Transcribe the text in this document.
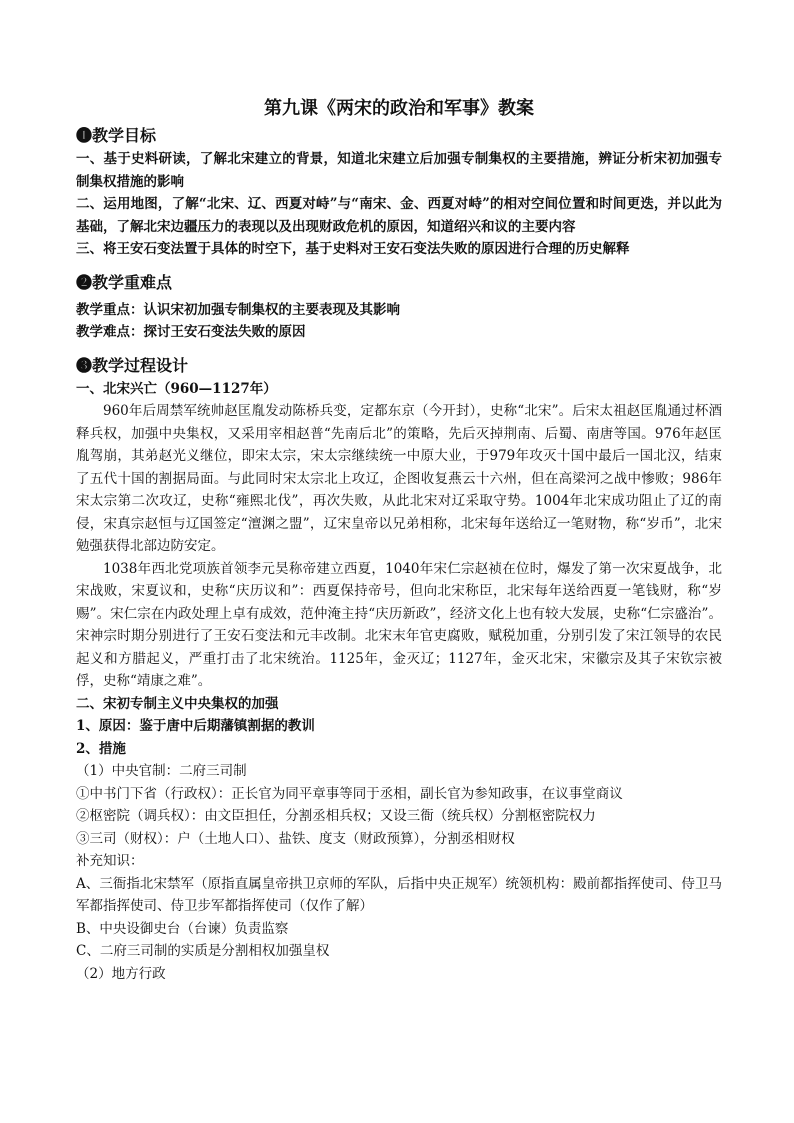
第九课《两宋的政治和军事》教案
❶教学目标

一、基于史料研读，了解北宋建立的背景，知道北宋建立后加强专制集权的主要措施，辨证分析宋初加强专制集权措施的影响

二、运用地图，了解“北宋、辽、西夏对峙”与“南宋、金、西夏对峙”的相对空间位置和时间更迭，并以此为基础，了解北宋边疆压力的表现以及出现财政危机的原因，知道绍兴和议的主要内容

三、将王安石变法置于具体的时空下，基于史料对王安石变法失败的原因进行合理的历史解释

❷教学重难点

教学重点：认识宋初加强专制集权的主要表现及其影响

教学难点：探讨王安石变法失败的原因

❸教学过程设计

一、北宋兴亡（960—1127年）

960年后周禁军统帅赵匡胤发动陈桥兵变，定都东京（今开封），史称“北宋”。后宋太祖赵匡胤通过杯酒释兵权，加强中央集权，又采用宰相赵普“先南后北”的策略，先后灭掉荆南、后蜀、南唐等国。976年赵匡胤驾崩，其弟赵光义继位，即宋太宗，宋太宗继续统一中原大业，于979年攻灭十国中最后一国北汉，结束了五代十国的割据局面。与此同时宋太宗北上攻辽，企图收复燕云十六州，但在高梁河之战中惨败；986年宋太宗第二次攻辽，史称“雍熙北伐”，再次失败，从此北宋对辽采取守势。1004年北宋成功阻止了辽的南侵，宋真宗赵恒与辽国签定“澶渊之盟”，辽宋皇帝以兄弟相称，北宋每年送给辽一笔财物，称“岁币”，北宋勉强获得北部边防安定。

1038年西北党项族首领李元昊称帝建立西夏，1040年宋仁宗赵祯在位时，爆发了第一次宋夏战争，北宋战败，宋夏议和，史称“庆历议和”：西夏保持帝号，但向北宋称臣，北宋每年送给西夏一笔钱财，称“岁赐”。宋仁宗在内政处理上卓有成效，范仲淹主持“庆历新政”，经济文化上也有较大发展，史称“仁宗盛治”。宋神宗时期分别进行了王安石变法和元丰改制。北宋末年官吏腐败，赋税加重，分别引发了宋江领导的农民起义和方腊起义，严重打击了北宋统治。1125年，金灭辽；1127年，金灭北宋，宋徽宗及其子宋钦宗被俘，史称“靖康之难”。

二、宋初专制主义中央集权的加强

1、原因：鉴于唐中后期藩镇割据的教训

2、措施

（1）中央官制：二府三司制

①中书门下省（行政权）：正长官为同平章事等同于丞相，副长官为参知政事，在议事堂商议

②枢密院（调兵权）：由文臣担任，分割丞相兵权；又设三衙（统兵权）分割枢密院权力

③三司（财权）：户（土地人口）、盐铁、度支（财政预算），分割丞相财权

补充知识：

A、三衙指北宋禁军（原指直属皇帝拱卫京师的军队，后指中央正规军）统领机构：殿前都指挥使司、侍卫马军都指挥使司、侍卫步军都指挥使司（仅作了解）

B、中央设御史台（台谏）负责监察

C、二府三司制的实质是分割相权加强皇权

（2）地方行政
